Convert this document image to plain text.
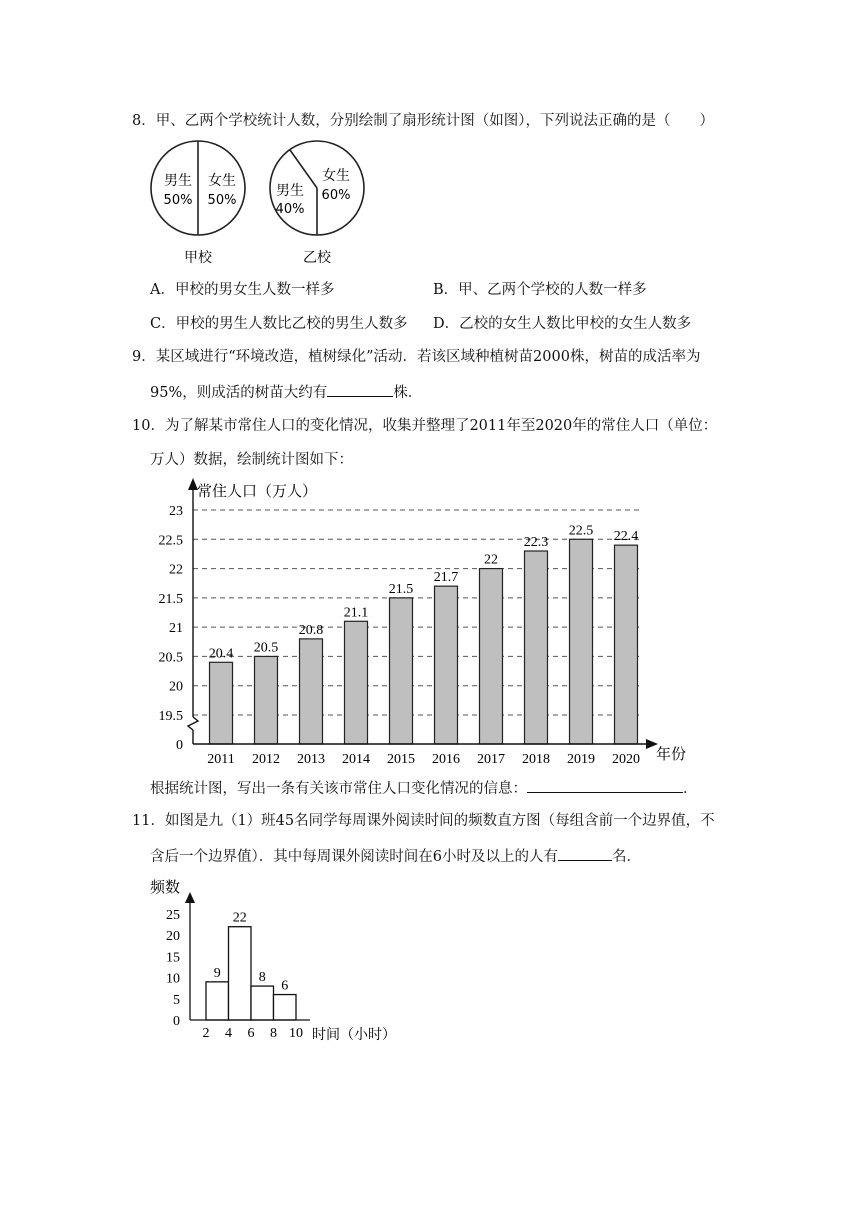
8．甲、乙两个学校统计人数，分别绘制了扇形统计图（如图），下列说法正确的是（　　）
男生
50%
女生
50%
甲校
男生
40%
女生
60%
乙校
A．甲校的男女生人数一样多	B．甲、乙两个学校的人数一样多
C．甲校的男生人数比乙校的男生人数多 D．乙校的女生人数比甲校的女生人数多
9．某区域进行“环境改造，植树绿化”活动．若该区域种植树苗2000株，树苗的成活率为
95%，则成活的树苗大约有	株．
10．为了解某市常住人口的变化情况，收集并整理了2011年至2020年的常住人口（单位：
万人）数据，绘制统计图如下：
20.4 20.5
20.8
21.1
21.5
21.7
22
22.3
22.5 22.4
0
19.5
20
20.5
21
21.5
22
22.5
23
2011 2012 2013 2014 2015 2016 2017 2018 2019 2020
常住人口（万人）
年份
根据统计图，写出一条有关该市常住人口变化情况的信息：	．
11．如图是九（1）班45名同学每周课外阅读时间的频数直方图（每组含前一个边界值，不
含后一个边界值）．其中每周课外阅读时间在6小时及以上的人有	名．
9
22
8
6
0
5
10
15
20
25
2 4 6 8 10
频数
时间（小时）
